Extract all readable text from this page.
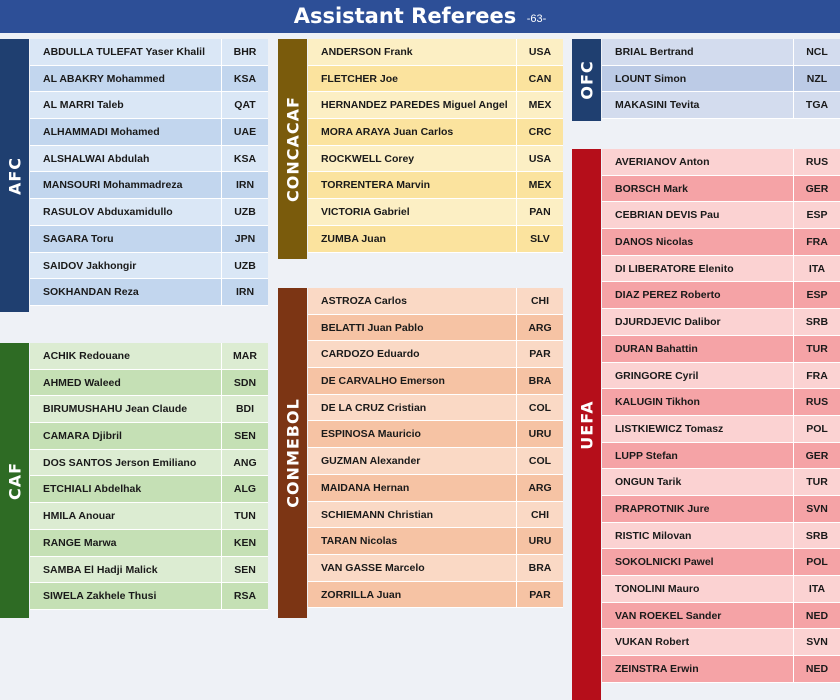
Assistant Referees -63-
AFC
ABDULLA TULEFAT Yaser Khalil	BHR
AL ABAKRY Mohammed	KSA
AL MARRI Taleb	QAT
ALHAMMADI Mohamed	UAE
ALSHALWAI Abdulah	KSA
MANSOURI Mohammadreza	IRN
RASULOV Abduxamidullo	UZB
SAGARA Toru	JPN
SAIDOV Jakhongir	UZB
SOKHANDAN Reza	IRN
CAF
ACHIK Redouane	MAR
AHMED Waleed	SDN
BIRUMUSHAHU Jean Claude	BDI
CAMARA Djibril	SEN
DOS SANTOS Jerson Emiliano	ANG
ETCHIALI Abdelhak	ALG
HMILA Anouar	TUN
RANGE Marwa	KEN
SAMBA El Hadji Malick	SEN
SIWELA Zakhele Thusi	RSA
CONCACAF
ANDERSON Frank	USA
FLETCHER Joe	CAN
HERNANDEZ PAREDES Miguel Angel	MEX
MORA ARAYA Juan Carlos	CRC
ROCKWELL Corey	USA
TORRENTERA Marvin	MEX
VICTORIA Gabriel	PAN
ZUMBA Juan	SLV
CONMEBOL
ASTROZA Carlos	CHI
BELATTI Juan Pablo	ARG
CARDOZO Eduardo	PAR
DE CARVALHO Emerson	BRA
DE LA CRUZ Cristian	COL
ESPINOSA Mauricio	URU
GUZMAN Alexander	COL
MAIDANA Hernan	ARG
SCHIEMANN Christian	CHI
TARAN Nicolas	URU
VAN GASSE Marcelo	BRA
ZORRILLA Juan	PAR
OFC
BRIAL Bertrand	NCL
LOUNT Simon	NZL
MAKASINI Tevita	TGA
UEFA
AVERIANOV Anton	RUS
BORSCH Mark	GER
CEBRIAN DEVIS Pau	ESP
DANOS Nicolas	FRA
DI LIBERATORE Elenito	ITA
DIAZ PEREZ Roberto	ESP
DJURDJEVIC Dalibor	SRB
DURAN Bahattin	TUR
GRINGORE Cyril	FRA
KALUGIN Tikhon	RUS
LISTKIEWICZ Tomasz	POL
LUPP Stefan	GER
ONGUN Tarik	TUR
PRAPROTNIK Jure	SVN
RISTIC Milovan	SRB
SOKOLNICKI Pawel	POL
TONOLINI Mauro	ITA
VAN ROEKEL Sander	NED
VUKAN Robert	SVN
ZEINSTRA Erwin	NED
